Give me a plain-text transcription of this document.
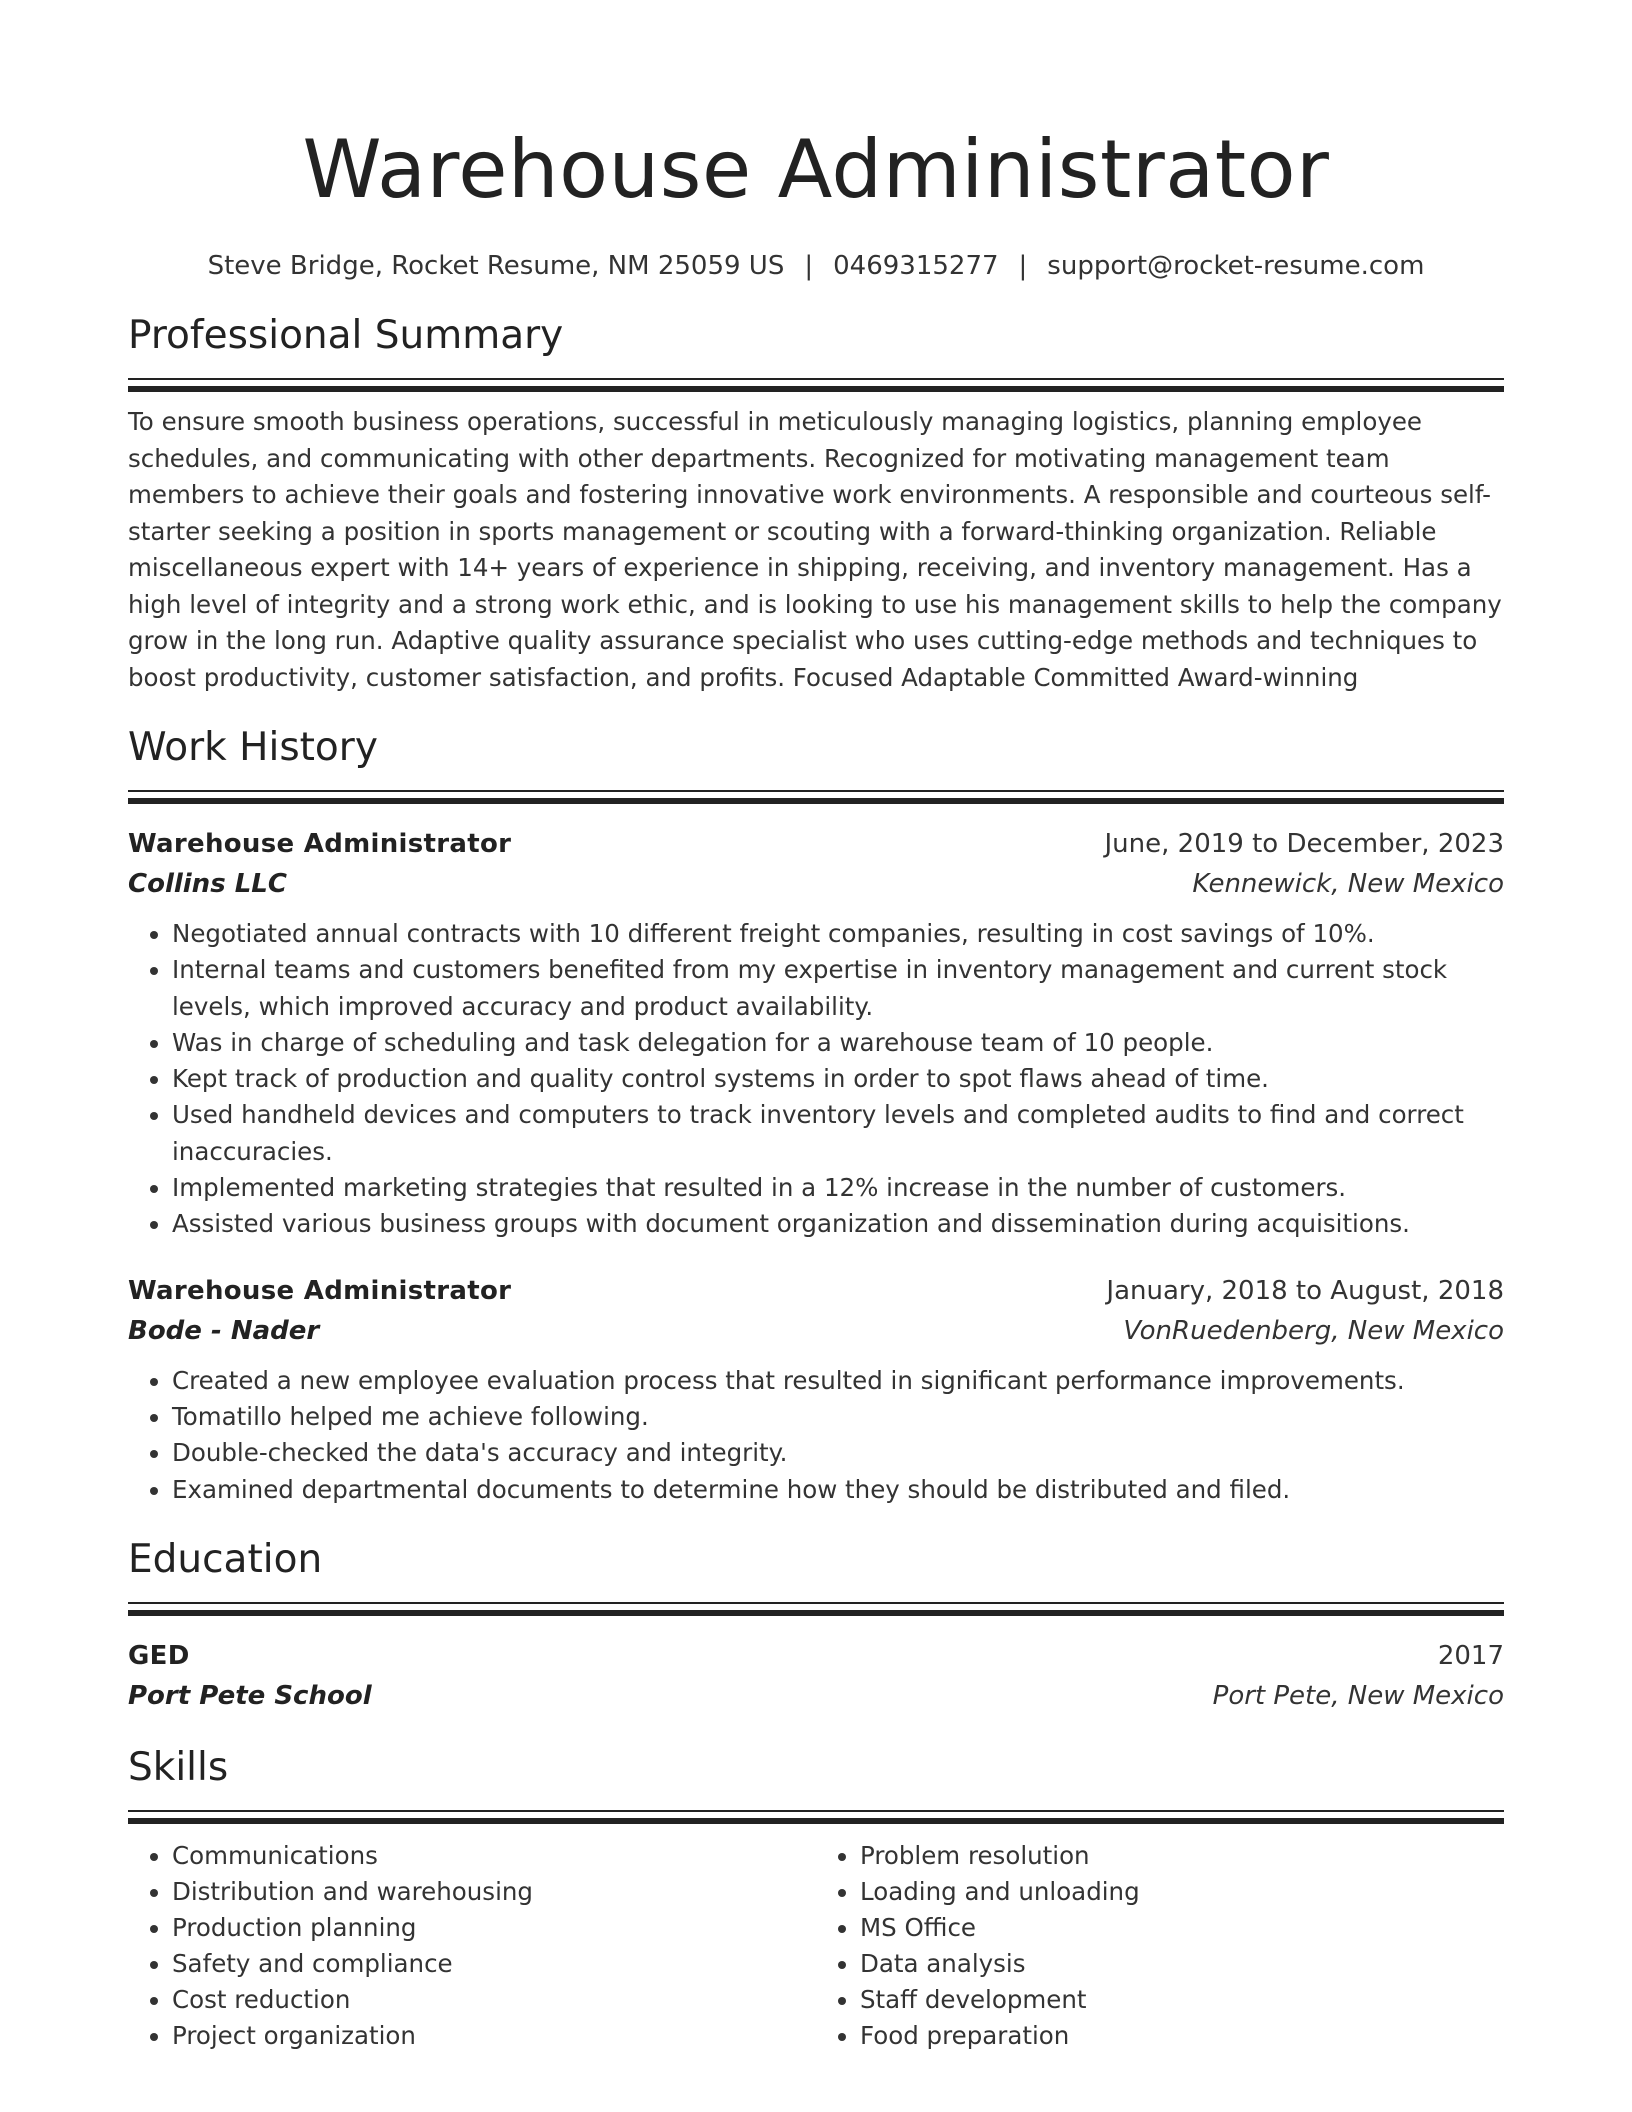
Warehouse Administrator
Steve Bridge, Rocket Resume, NM 25059 US | 0469315277 | support@rocket-resume.com
Professional Summary
To ensure smooth business operations, successful in meticulously managing logistics, planning employee schedules, and communicating with other departments. Recognized for motivating management team members to achieve their goals and fostering innovative work environments. A responsible and courteous self-starter seeking a position in sports management or scouting with a forward-thinking organization. Reliable miscellaneous expert with 14+ years of experience in shipping, receiving, and inventory management. Has a high level of integrity and a strong work ethic, and is looking to use his management skills to help the company grow in the long run. Adaptive quality assurance specialist who uses cutting-edge methods and techniques to boost productivity, customer satisfaction, and profits. Focused Adaptable Committed Award-winning
Work History
Warehouse Administrator	June, 2019 to December, 2023
Collins LLC	Kennewick, New Mexico
• Negotiated annual contracts with 10 different freight companies, resulting in cost savings of 10%.
• Internal teams and customers benefited from my expertise in inventory management and current stock levels, which improved accuracy and product availability.
• Was in charge of scheduling and task delegation for a warehouse team of 10 people.
• Kept track of production and quality control systems in order to spot flaws ahead of time.
• Used handheld devices and computers to track inventory levels and completed audits to find and correct inaccuracies.
• Implemented marketing strategies that resulted in a 12% increase in the number of customers.
• Assisted various business groups with document organization and dissemination during acquisitions.
Warehouse Administrator	January, 2018 to August, 2018
Bode - Nader	VonRuedenberg, New Mexico
• Created a new employee evaluation process that resulted in significant performance improvements.
• Tomatillo helped me achieve following.
• Double-checked the data's accuracy and integrity.
• Examined departmental documents to determine how they should be distributed and filed.
Education
GED	2017
Port Pete School	Port Pete, New Mexico
Skills
• Communications
• Distribution and warehousing
• Production planning
• Safety and compliance
• Cost reduction
• Project organization
• Problem resolution
• Loading and unloading
• MS Office
• Data analysis
• Staff development
• Food preparation
